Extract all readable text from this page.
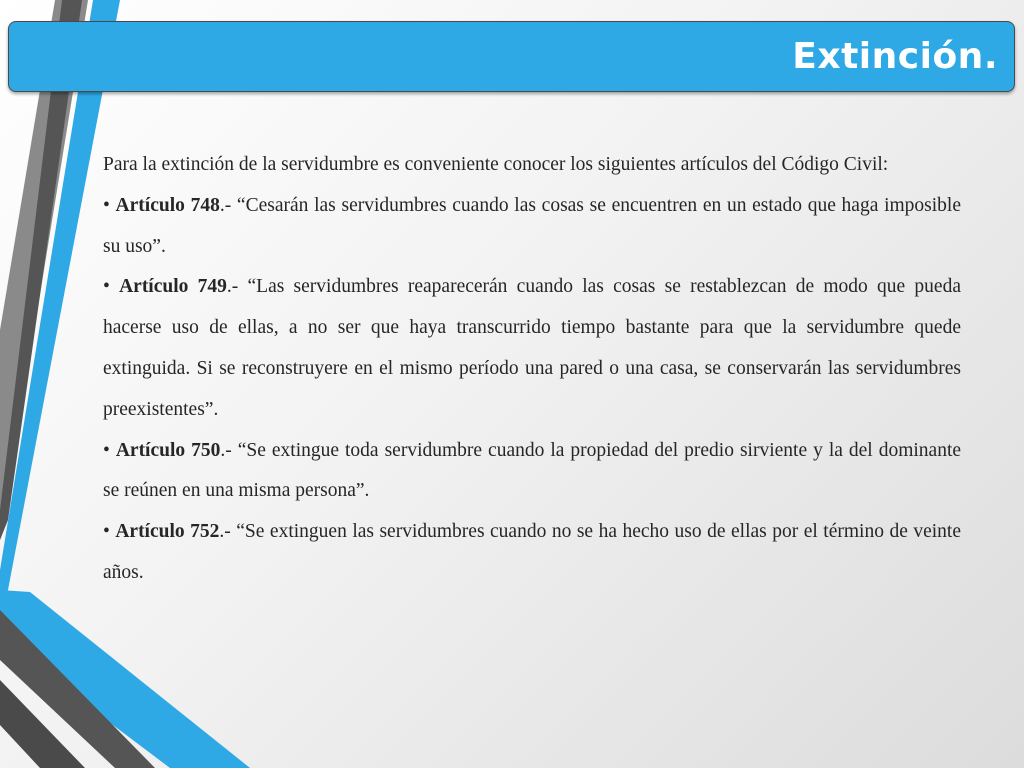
Extinción.

Para la extinción de la servidumbre es conveniente conocer los siguientes artículos del Código Civil:

• Artículo 748.- “Cesarán las servidumbres cuando las cosas se encuentren en un estado que haga imposible su uso”.

• Artículo 749.- “Las servidumbres reaparecerán cuando las cosas se restablezcan de modo que pueda hacerse uso de ellas, a no ser que haya transcurrido tiempo bastante para que la servidumbre quede extinguida. Si se reconstruyere en el mismo período una pared o una casa, se conservarán las servidumbres preexistentes”.

• Artículo 750.- “Se extingue toda servidumbre cuando la propiedad del predio sirviente y la del dominante se reúnen en una misma persona”.

• Artículo 752.- “Se extinguen las servidumbres cuando no se ha hecho uso de ellas por el término de veinte años.
